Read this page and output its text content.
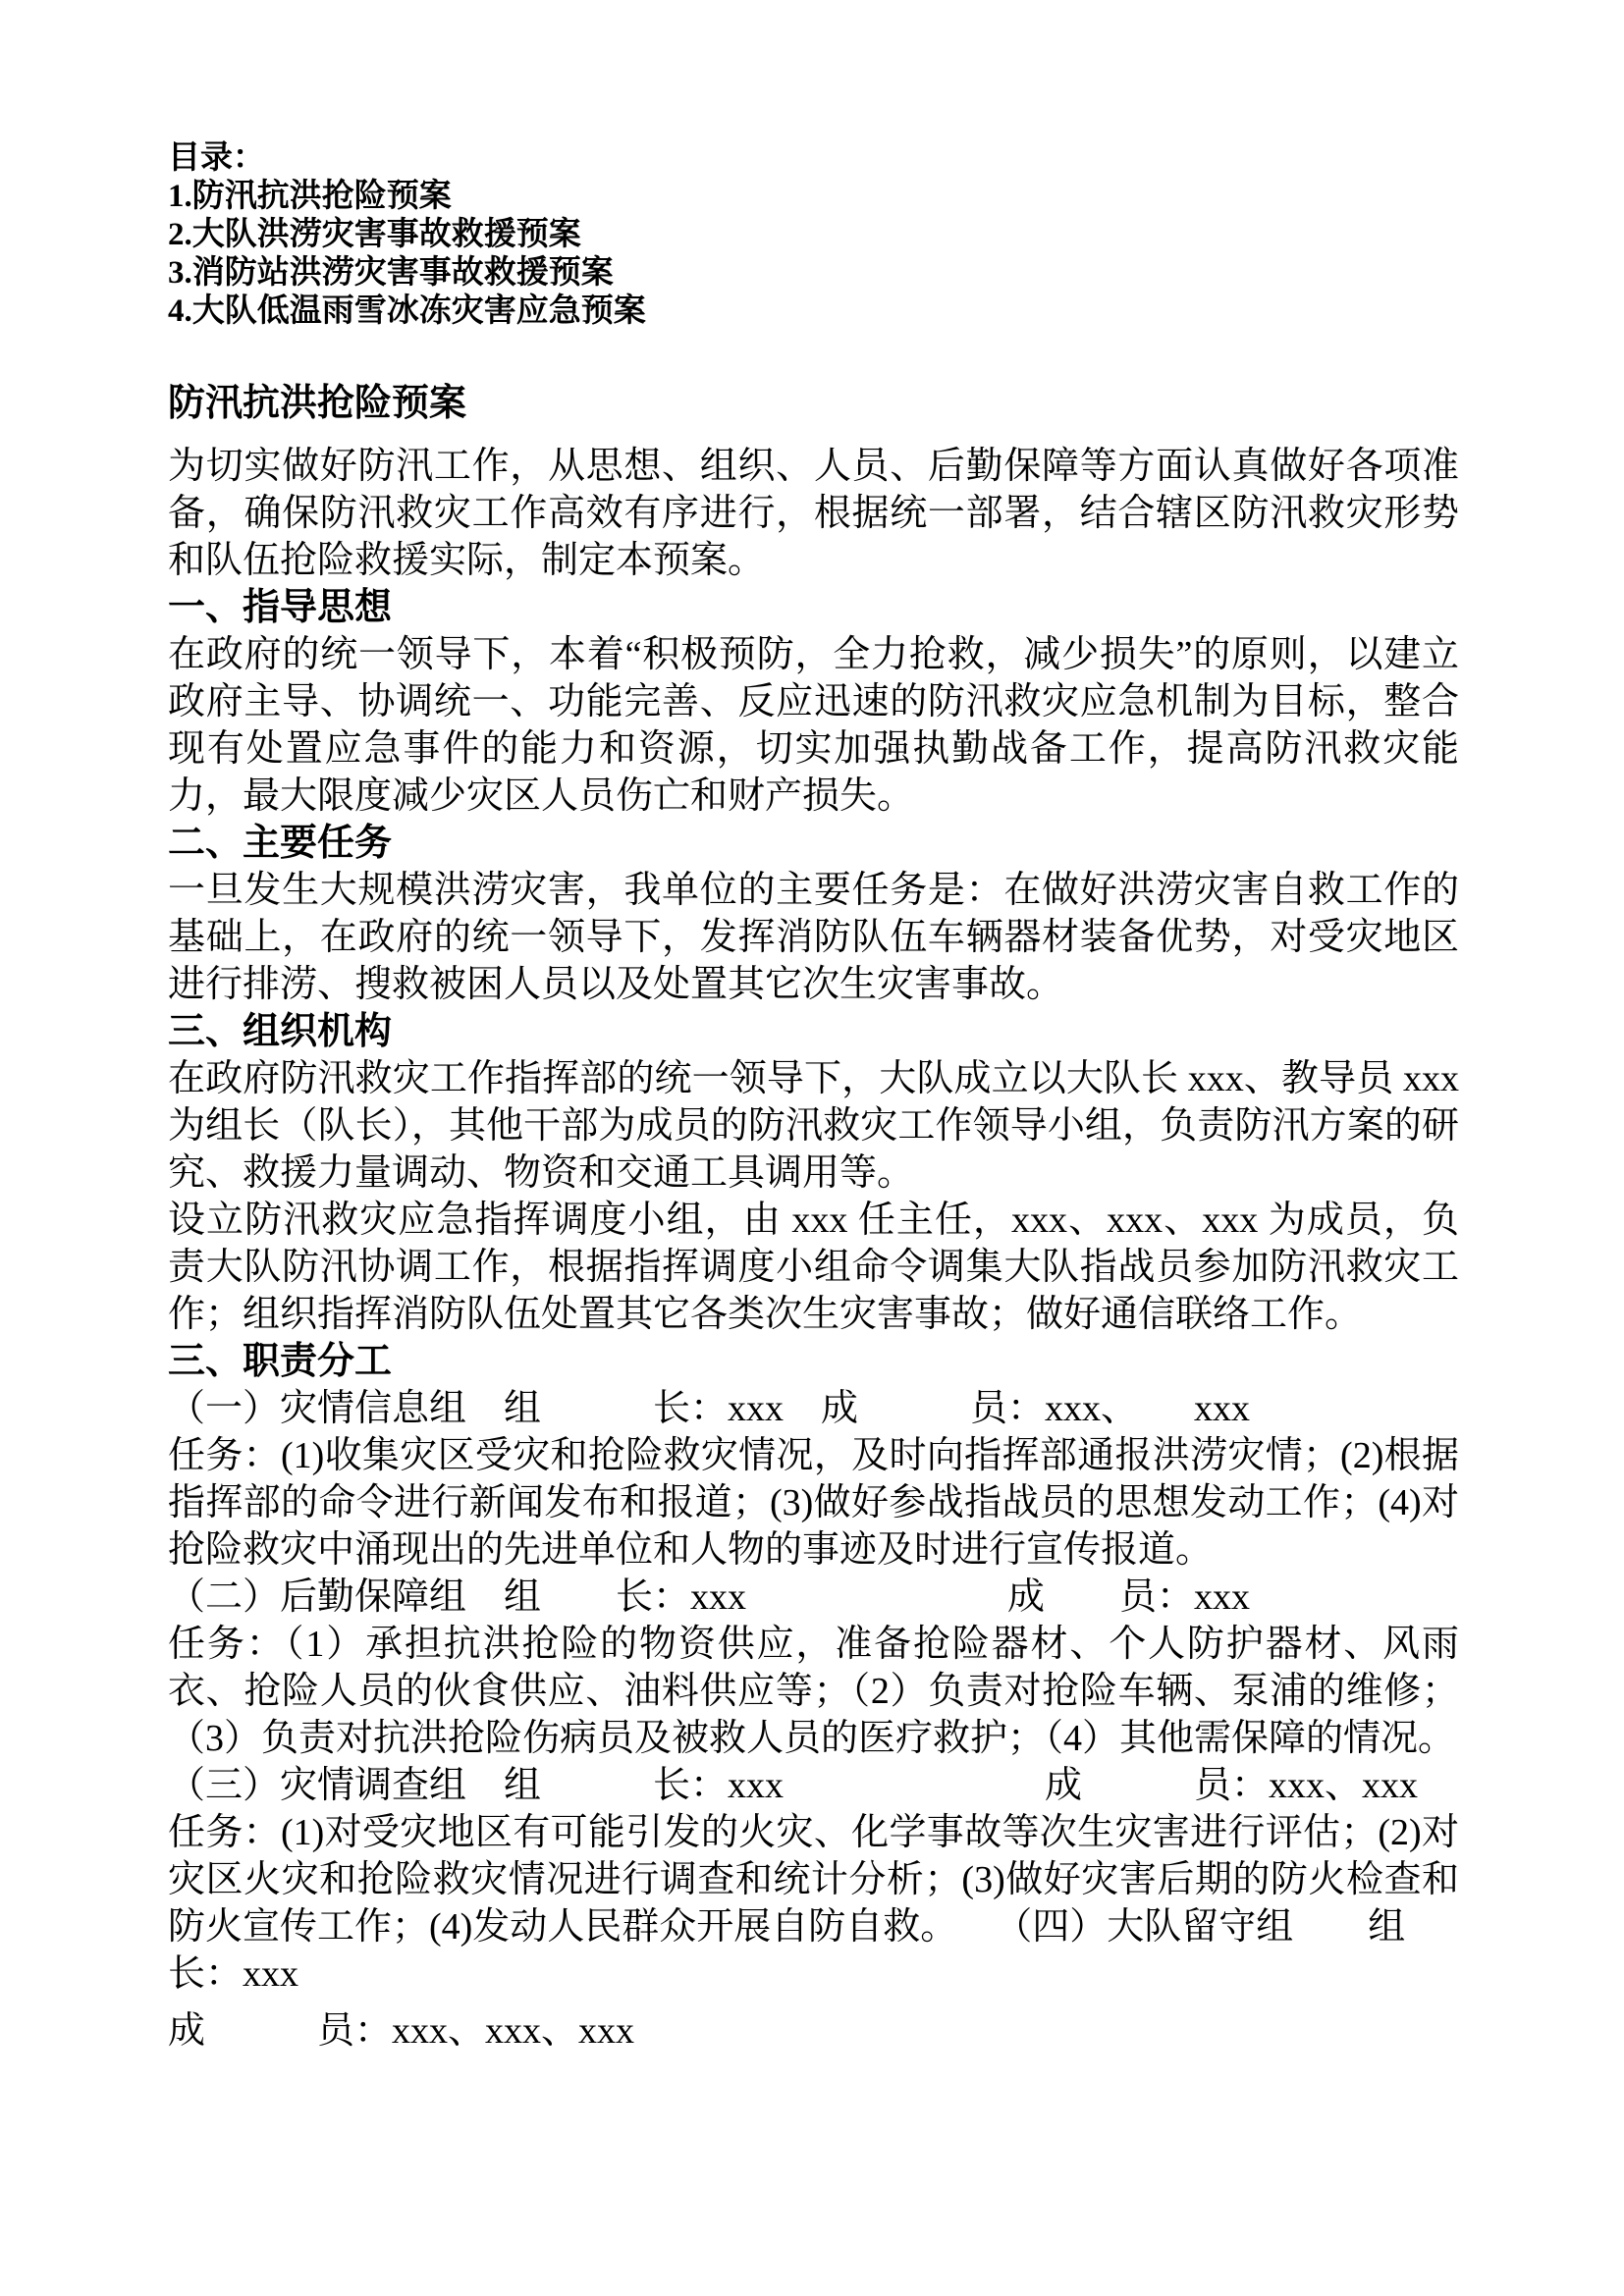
目录：

1.防汛抗洪抢险预案

2.大队洪涝灾害事故救援预案

3.消防站洪涝灾害事故救援预案

4.大队低温雨雪冰冻灾害应急预案

防汛抗洪抢险预案

为切实做好防汛工作，从思想、组织、人员、后勤保障等方面认真做好各项准备，确保防汛救灾工作高效有序进行，根据统一部署，结合辖区防汛救灾形势和队伍抢险救援实际，制定本预案。

一、指导思想

在政府的统一领导下，本着“积极预防，全力抢救，减少损失”的原则，以建立政府主导、协调统一、功能完善、反应迅速的防汛救灾应急机制为目标，整合现有处置应急事件的能力和资源，切实加强执勤战备工作，提高防汛救灾能力，最大限度减少灾区人员伤亡和财产损失。

二、主要任务

一旦发生大规模洪涝灾害，我单位的主要任务是：在做好洪涝灾害自救工作的基础上，在政府的统一领导下，发挥消防队伍车辆器材装备优势，对受灾地区进行排涝、搜救被困人员以及处置其它次生灾害事故。

三、组织机构

在政府防汛救灾工作指挥部的统一领导下，大队成立以大队长 xxx、教导员 xxx 为组长（队长），其他干部为成员的防汛救灾工作领导小组，负责防汛方案的研究、救援力量调动、物资和交通工具调用等。

设立防汛救灾应急指挥调度小组，由 xxx 任主任，xxx、xxx、xxx 为成员，负责大队防汛协调工作，根据指挥调度小组命令调集大队指战员参加防汛救灾工作；组织指挥消防队伍处置其它各类次生灾害事故；做好通信联络工作。

三、职责分工

（一）灾情信息组　组　　　长：xxx　成　　　员：xxx、　　xxx

任务：(1)收集灾区受灾和抢险救灾情况，及时向指挥部通报洪涝灾情；(2)根据指挥部的命令进行新闻发布和报道；(3)做好参战指战员的思想发动工作；(4)对抢险救灾中涌现出的先进单位和人物的事迹及时进行宣传报道。

（二）后勤保障组　组　　长：xxx　　　　　　　成　　员：xxx

任务：（1）承担抗洪抢险的物资供应，准备抢险器材、个人防护器材、风雨衣、抢险人员的伙食供应、油料供应等；（2）负责对抢险车辆、泵浦的维修；（3）负责对抗洪抢险伤病员及被救人员的医疗救护；（4）其他需保障的情况。

（三）灾情调查组　组　　　长：xxx　　　　　　　成　　　员：xxx、xxx

任务：(1)对受灾地区有可能引发的火灾、化学事故等次生灾害进行评估；(2)对灾区火灾和抢险救灾情况进行调查和统计分析；(3)做好灾害后期的防火检查和防火宣传工作；(4)发动人民群众开展自防自救。　　（四）大队留守组　　组

长：xxx

成　　　员：xxx、xxx、xxx
